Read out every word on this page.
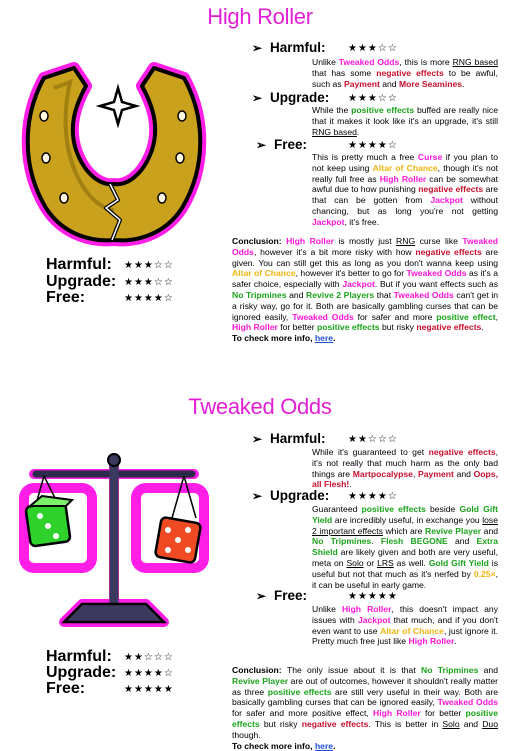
High Roller
Harmful: ★★★☆☆
Upgrade: ★★★☆☆
Free:	★★★★☆
➢ Harmful: ★★★☆☆
Unlike Tweaked Odds, this is more RNG based that has some negative effects to be awful, such as Payment and More Seamines.
➢ Upgrade: ★★★☆☆
While the positive effects buffed are really nice that it makes it look like it's an upgrade, it's still RNG based.
➢ Free:	★★★★☆
This is pretty much a free Curse if you plan to not keep using Altar of Chance, though it's not really full free as High Roller can be somewhat awful due to how punishing negative effects are that can be gotten from Jackpot without chancing, but as long you're not getting Jackpot, it's free.
Conclusion: High Roller is mostly just RNG curse like Tweaked Odds, however it's a bit more risky with how negative effects are given. You can still get this as long as you don't wanna keep using Altar of Chance, however it's better to go for Tweaked Odds as it's a safer choice, especially with Jackpot. But if you want effects such as No Tripmines and Revive 2 Players that Tweaked Odds can't get in a risky way, go for it. Both are basically gambling curses that can be ignored easily, Tweaked Odds for safer and more positive effect, High Roller for better positive effects but risky negative effects.
To check more info, here.
Tweaked Odds
Harmful: ★★☆☆☆
Upgrade: ★★★★☆
Free:	★★★★★
➢ Harmful: ★★☆☆☆
While it's guaranteed to get negative effects, it's not really that much harm as the only bad things are Martpocalypse, Payment and Oops, all Flesh!.
➢ Upgrade: ★★★★☆
Guaranteed positive effects beside Gold Gift Yield are incredibly useful, in exchange you lose 2 important effects which are Revive Player and No Tripmines. Flesh BEGONE and Extra Shield are likely given and both are very useful, meta on Solo or LRS as well. Gold Gift Yield is useful but not that much as it's nerfed by 0.25×, it can be useful in early game.
➢ Free:	★★★★★
Unlike High Roller, this doesn't impact any issues with Jackpot that much, and if you don't even want to use Altar of Chance, just ignore it. Pretty much free just like High Roller.
Conclusion: The only issue about it is that No Tripmines and Revive Player are out of outcomes, however it shouldn't really matter as three positive effects are still very useful in their way. Both are basically gambling curses that can be ignored easily, Tweaked Odds for safer and more positive effect, High Roller for better positive effects but risky negative effects. This is better in Solo and Duo though.
To check more info, here.
